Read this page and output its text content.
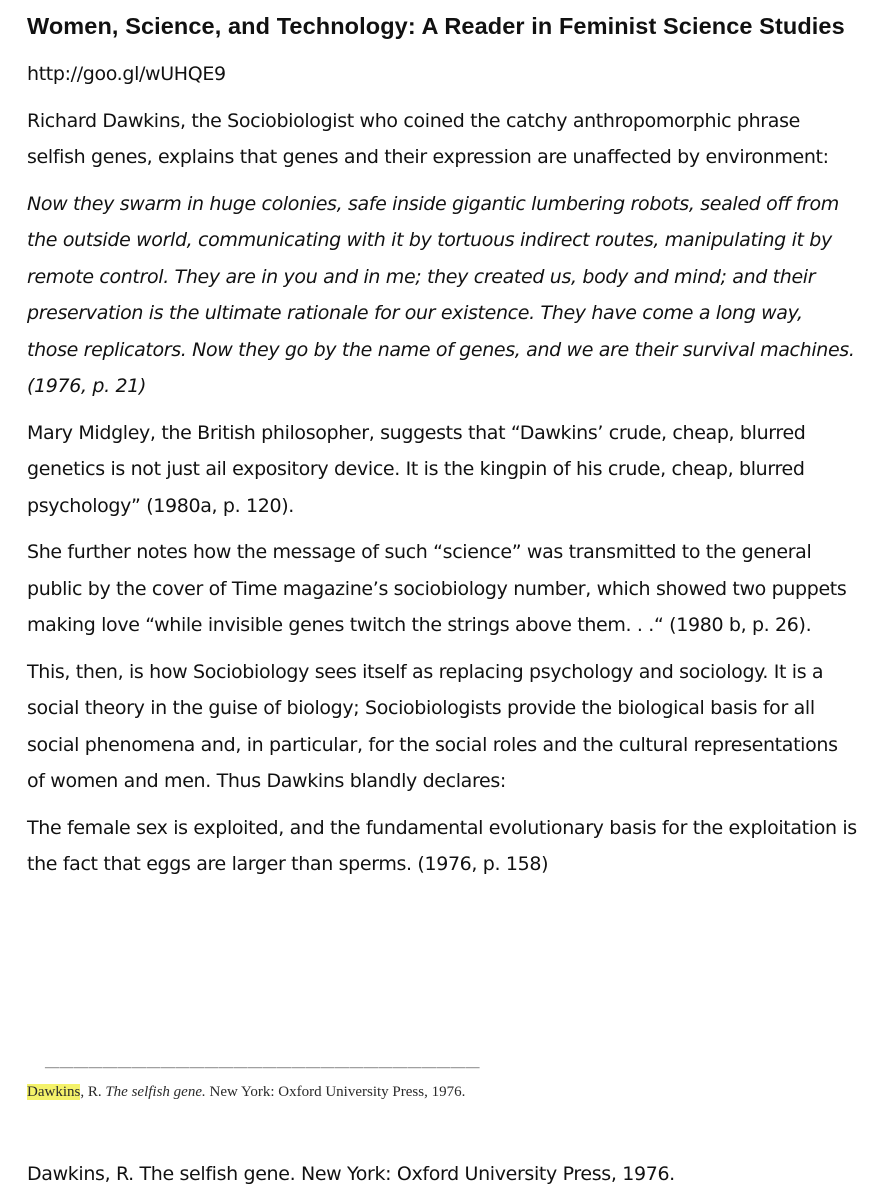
Women, Science, and Technology: A Reader in Feminist Science Studies

http://goo.gl/wUHQE9

Richard Dawkins, the Sociobiologist who coined the catchy anthropomorphic phrase selfish genes, explains that genes and their expression are unaffected by environment:

Now they swarm in huge colonies, safe inside gigantic lumbering robots, sealed off from the outside world, communicating with it by tortuous indirect routes, manipulating it by remote control. They are in you and in me; they created us, body and mind; and their preservation is the ultimate rationale for our existence. They have come a long way, those replicators. Now they go by the name of genes, and we are their survival machines. (1976, p. 21)

Mary Midgley, the British philosopher, suggests that “Dawkins’ crude, cheap, blurred genetics is not just ail expository device. It is the kingpin of his crude, cheap, blurred psychology” (1980a, p. 120).

She further notes how the message of such “science” was transmitted to the general public by the cover of Time magazine’s sociobiology number, which showed two puppets making love “while invisible genes twitch the strings above them. . .“ (1980 b, p. 26).

This, then, is how Sociobiology sees itself as replacing psychology and sociology. It is a social theory in the guise of biology; Sociobiologists provide the biological basis for all social phenomena and, in particular, for the social roles and the cultural representations of women and men. Thus Dawkins blandly declares:

The female sex is exploited, and the fundamental evolutionary basis for the exploitation is the fact that eggs are larger than sperms. (1976, p. 158)

——————————————————————————————
Dawkins, R. The selfish gene. New York: Oxford University Press, 1976.

Dawkins, R. The selfish gene. New York: Oxford University Press, 1976.
